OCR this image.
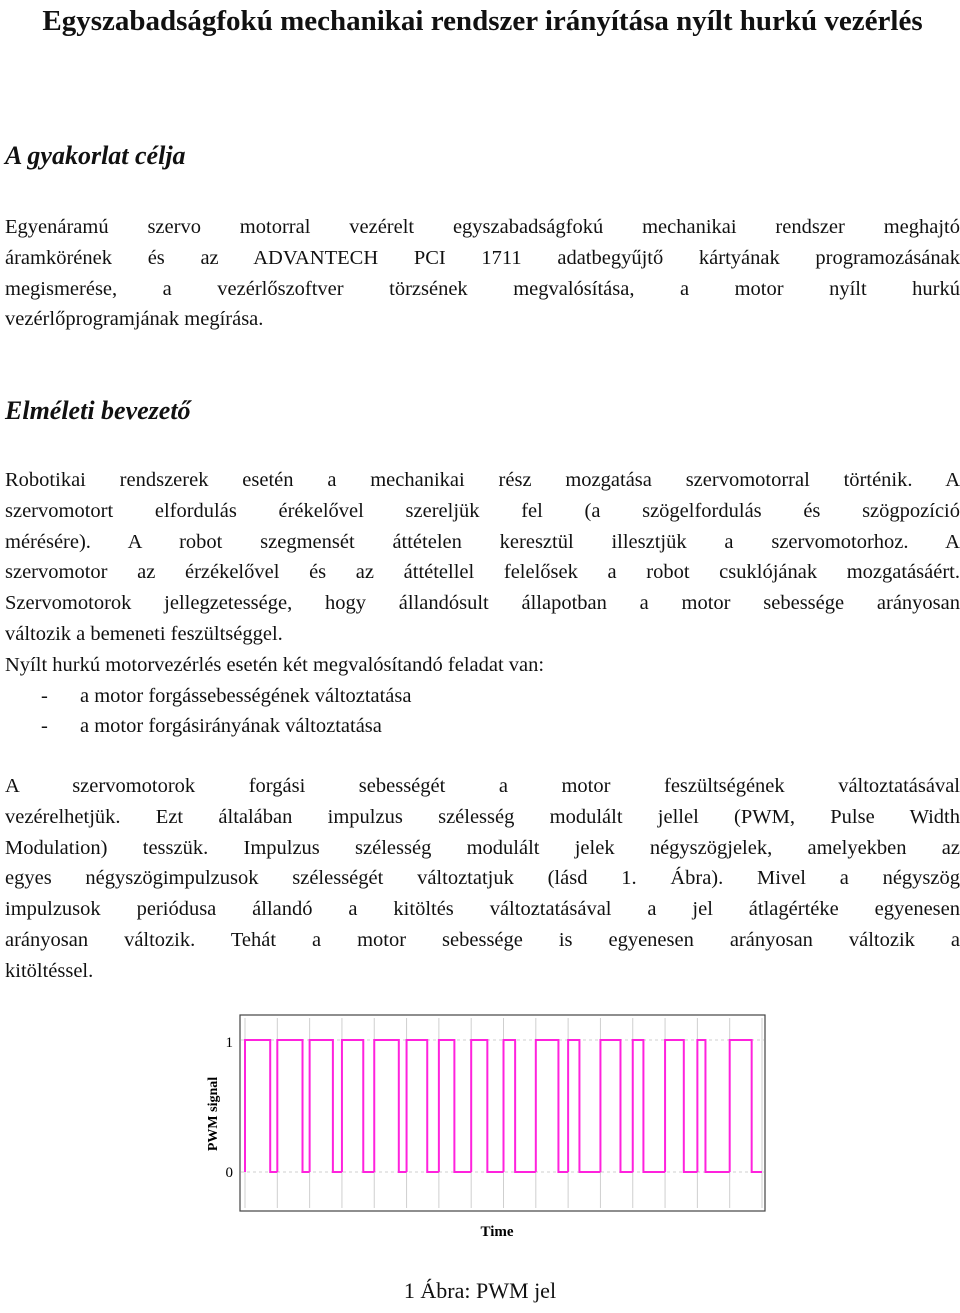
Egyszabadságfokú mechanikai rendszer irányítása nyílt hurkú vezérlés
A gyakorlat célja
Egyenáramú szervo motorral vezérelt egyszabadságfokú mechanikai rendszer meghajtó
áramkörének és az ADVANTECH PCI 1711 adatbegyűjtő kártyának programozásának
megismerése, a vezérlőszoftver törzsének megvalósítása, a motor nyílt hurkú
vezérlőprogramjának megírása.
Elméleti bevezető
Robotikai rendszerek esetén a mechanikai rész mozgatása szervomotorral történik. A
szervomotort elfordulás érékelővel szereljük fel (a szögelfordulás és szögpozíció
mérésére). A robot szegmensét áttételen keresztül illesztjük a szervomotorhoz. A
szervomotor az érzékelővel és az áttétellel felelősek a robot csuklójának mozgatásáért.
Szervomotorok jellegzetessége, hogy állandósult állapotban a motor sebessége arányosan
változik a bemeneti feszültséggel.
Nyílt hurkú motorvezérlés esetén két megvalósítandó feladat van:
-	a motor forgássebességének változtatása
-	a motor forgásirányának változtatása
A szervomotorok forgási sebességét a motor feszültségének változtatásával
vezérelhetjük. Ezt általában impulzus szélesség modulált jellel (PWM, Pulse Width
Modulation) tesszük. Impulzus szélesség modulált jelek négyszögjelek, amelyekben az
egyes négyszögimpulzusok szélességét változtatjuk (lásd 1. Ábra). Mivel a négyszög
impulzusok periódusa állandó a kitöltés változtatásával a jel átlagértéke egyenesen
arányosan változik. Tehát a motor sebessége is egyenesen arányosan változik a
kitöltéssel.
1
0
PWM signal
Time
1 Ábra: PWM jel
